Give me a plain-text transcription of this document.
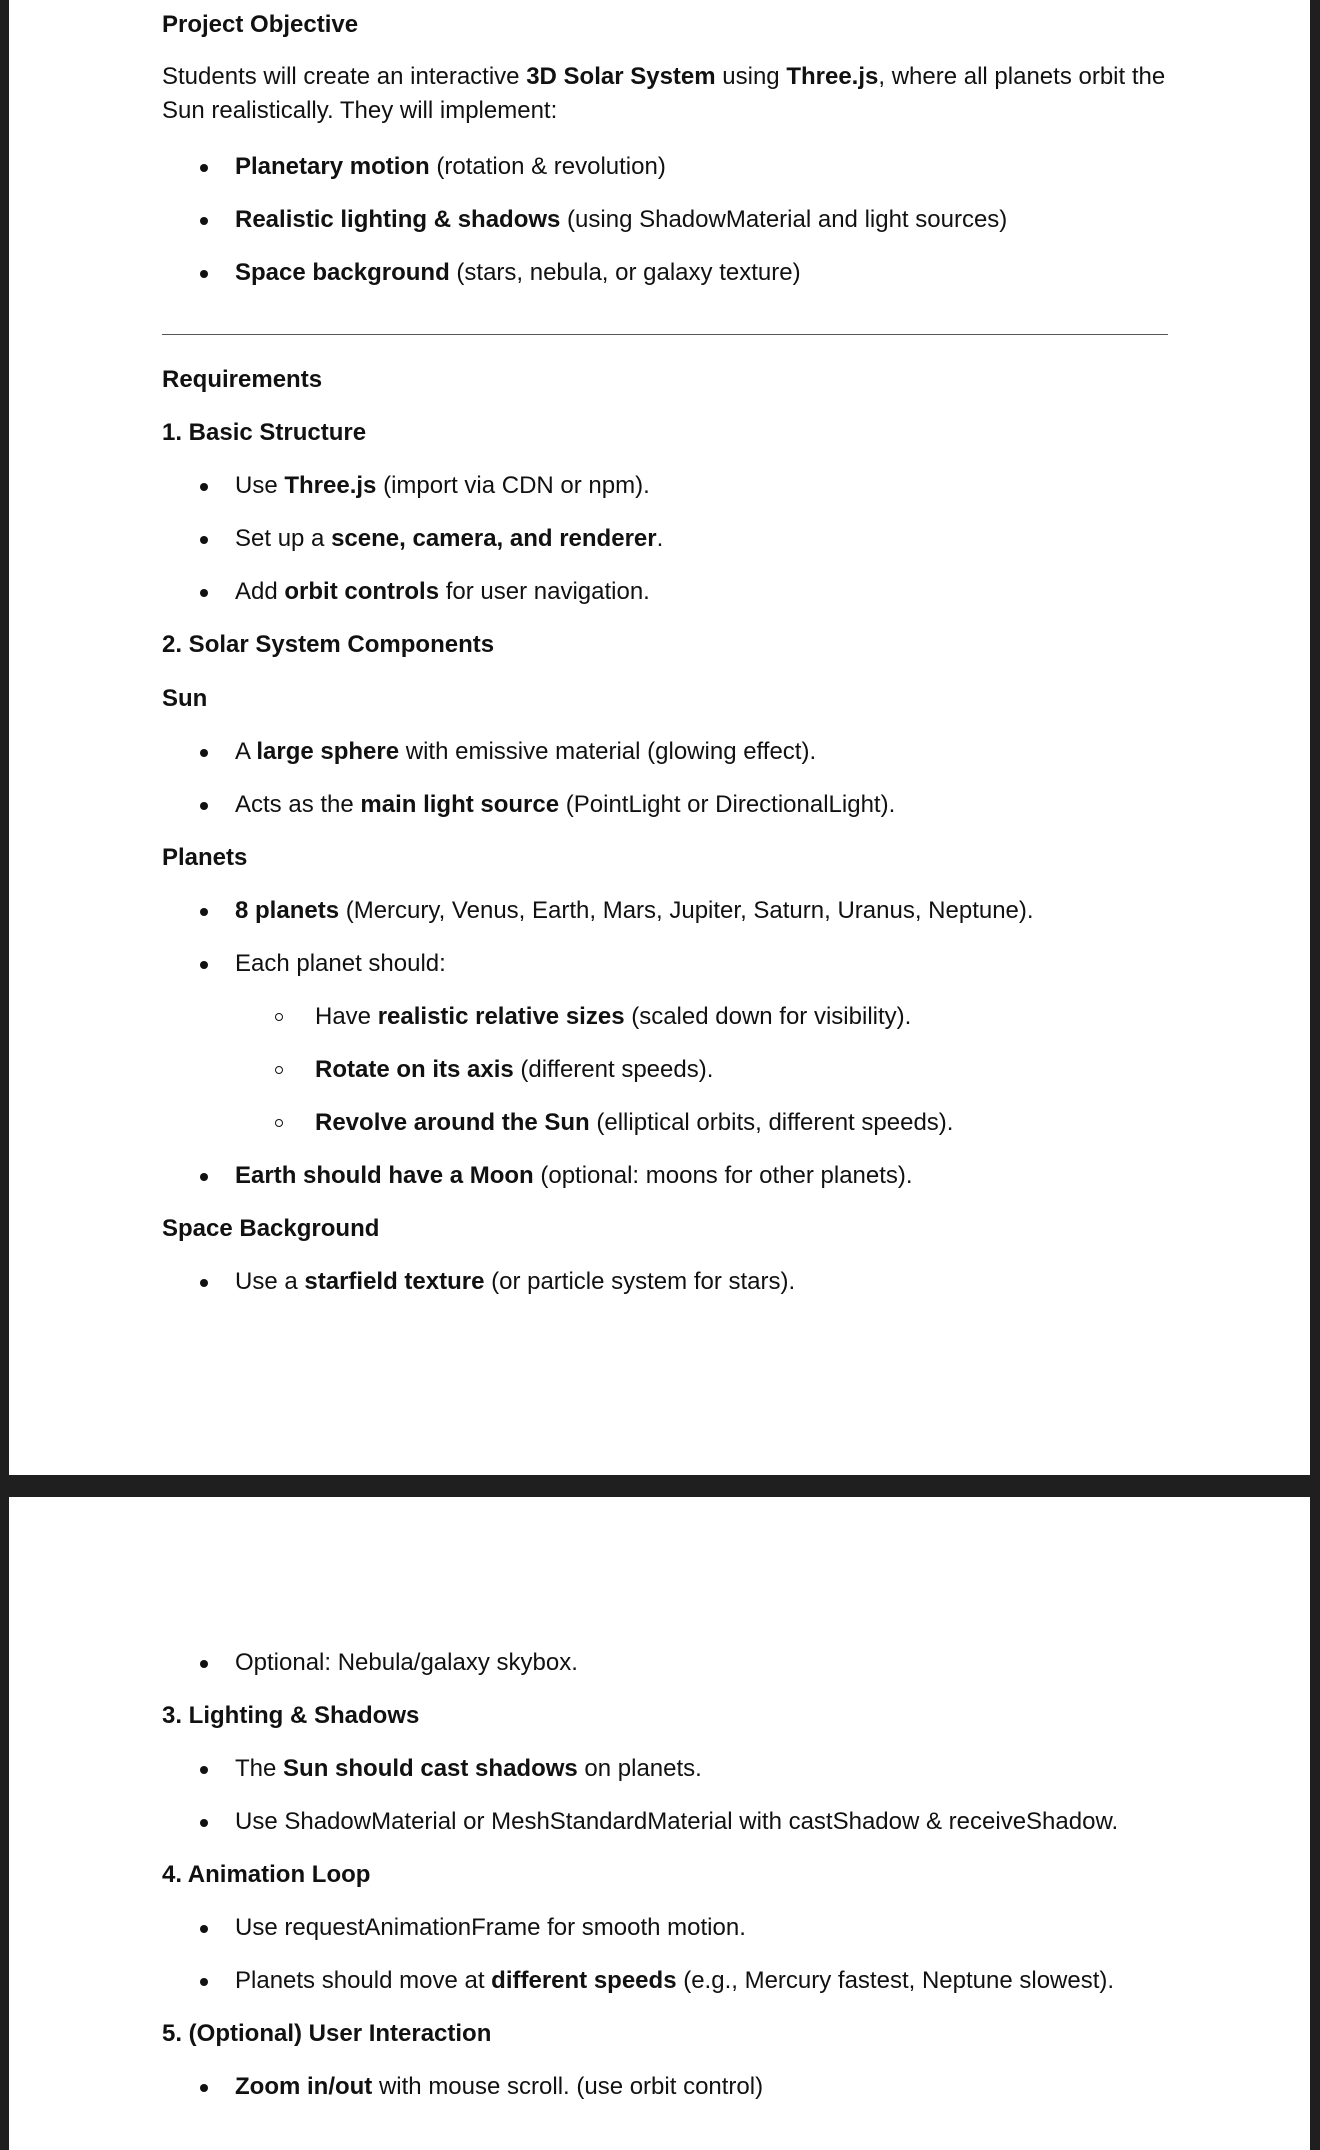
Project Objective
Students will create an interactive 3D Solar System using Three.js, where all planets orbit the Sun realistically. They will implement:
Planetary motion (rotation & revolution)
Realistic lighting & shadows (using ShadowMaterial and light sources)
Space background (stars, nebula, or galaxy texture)
Requirements
1. Basic Structure
Use Three.js (import via CDN or npm).
Set up a scene, camera, and renderer.
Add orbit controls for user navigation.
2. Solar System Components
Sun
A large sphere with emissive material (glowing effect).
Acts as the main light source (PointLight or DirectionalLight).
Planets
8 planets (Mercury, Venus, Earth, Mars, Jupiter, Saturn, Uranus, Neptune).
Each planet should:
Have realistic relative sizes (scaled down for visibility).
Rotate on its axis (different speeds).
Revolve around the Sun (elliptical orbits, different speeds).
Earth should have a Moon (optional: moons for other planets).
Space Background
Use a starfield texture (or particle system for stars).
Optional: Nebula/galaxy skybox.
3. Lighting & Shadows
The Sun should cast shadows on planets.
Use ShadowMaterial or MeshStandardMaterial with castShadow & receiveShadow.
4. Animation Loop
Use requestAnimationFrame for smooth motion.
Planets should move at different speeds (e.g., Mercury fastest, Neptune slowest).
5. (Optional) User Interaction
Zoom in/out with mouse scroll. (use orbit control)
